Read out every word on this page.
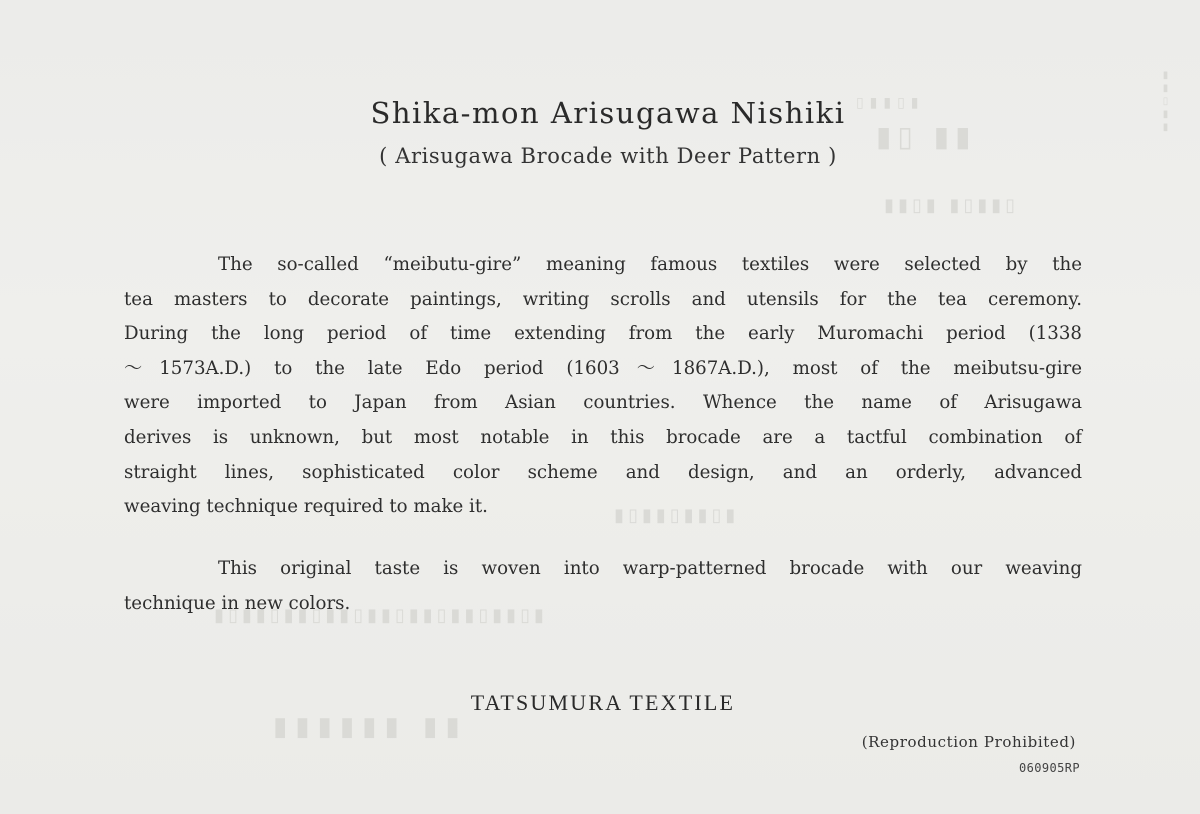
▮▯▮▮▯
▮▮ ▯▮
▯▮▮▯▮ ▮▯▮▮
▮▯▮▮▯▮▮▯▮
▮▯▮▮▯▮▮▯▮▮▯▮▮▯▮▮▯▮▮▯▮▮▯▮
▮▮ ▮▮▮▮▮▮
▮▮▯▮▮
Shika-mon Arisugawa Nishiki
( Arisugawa Brocade with Deer Pattern )
The so-called “meibutu-gire” meaning famous textiles were selected by the
tea masters to decorate paintings, writing scrolls and utensils for the tea ceremony.
During the long period of time extending from the early Muromachi period (1338
〜1573A.D.) to the late Edo period (1603〜1867A.D.), most of the meibutsu-gire
were imported to Japan from Asian countries. Whence the name of Arisugawa
derives is unknown, but most notable in this brocade are a tactful combination of
straight lines, sophisticated color scheme and design, and an orderly, advanced
weaving technique required to make it.
This original taste is woven into warp-patterned brocade with our weaving
technique in new colors.
TATSUMURA TEXTILE
(Reproduction Prohibited)
060905RP
